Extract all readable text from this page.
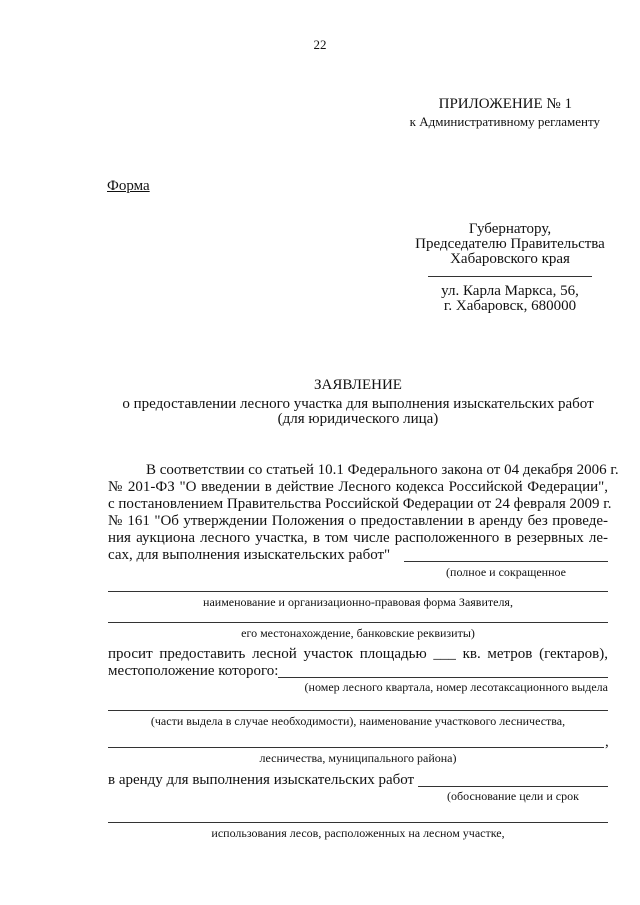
22
ПРИЛОЖЕНИЕ № 1
к Административному регламенту
Форма
Губернатору,
Председателю Правительства
Хабаровского края
ул. Карла Маркса, 56,
г. Хабаровск, 680000
ЗАЯВЛЕНИЕ
о предоставлении лесного участка для выполнения изыскательских работ
(для юридического лица)
В соответствии со статьей 10.1 Федерального закона от 04 декабря 2006 г.
№ 201-ФЗ "О введении в действие Лесного кодекса Российской Федерации",
с постановлением Правительства Российской Федерации от 24 февраля 2009 г.
№ 161 "Об утверждении Положения о предоставлении в аренду без проведе-
ния аукциона лесного участка, в том числе расположенного в резервных ле-
сах, для выполнения изыскательских работ"
(полное и сокращенное
наименование и организационно-правовая форма Заявителя,
его местонахождение, банковские реквизиты)
просит предоставить лесной участок площадью ___ кв. метров (гектаров),
местоположение которого:
(номер лесного квартала, номер лесотаксационного выдела
(части выдела в случае необходимости), наименование участкового лесничества,
,
лесничества, муниципального района)
в аренду для выполнения изыскательских работ
(обоснование цели и срок
использования лесов, расположенных на лесном участке,
